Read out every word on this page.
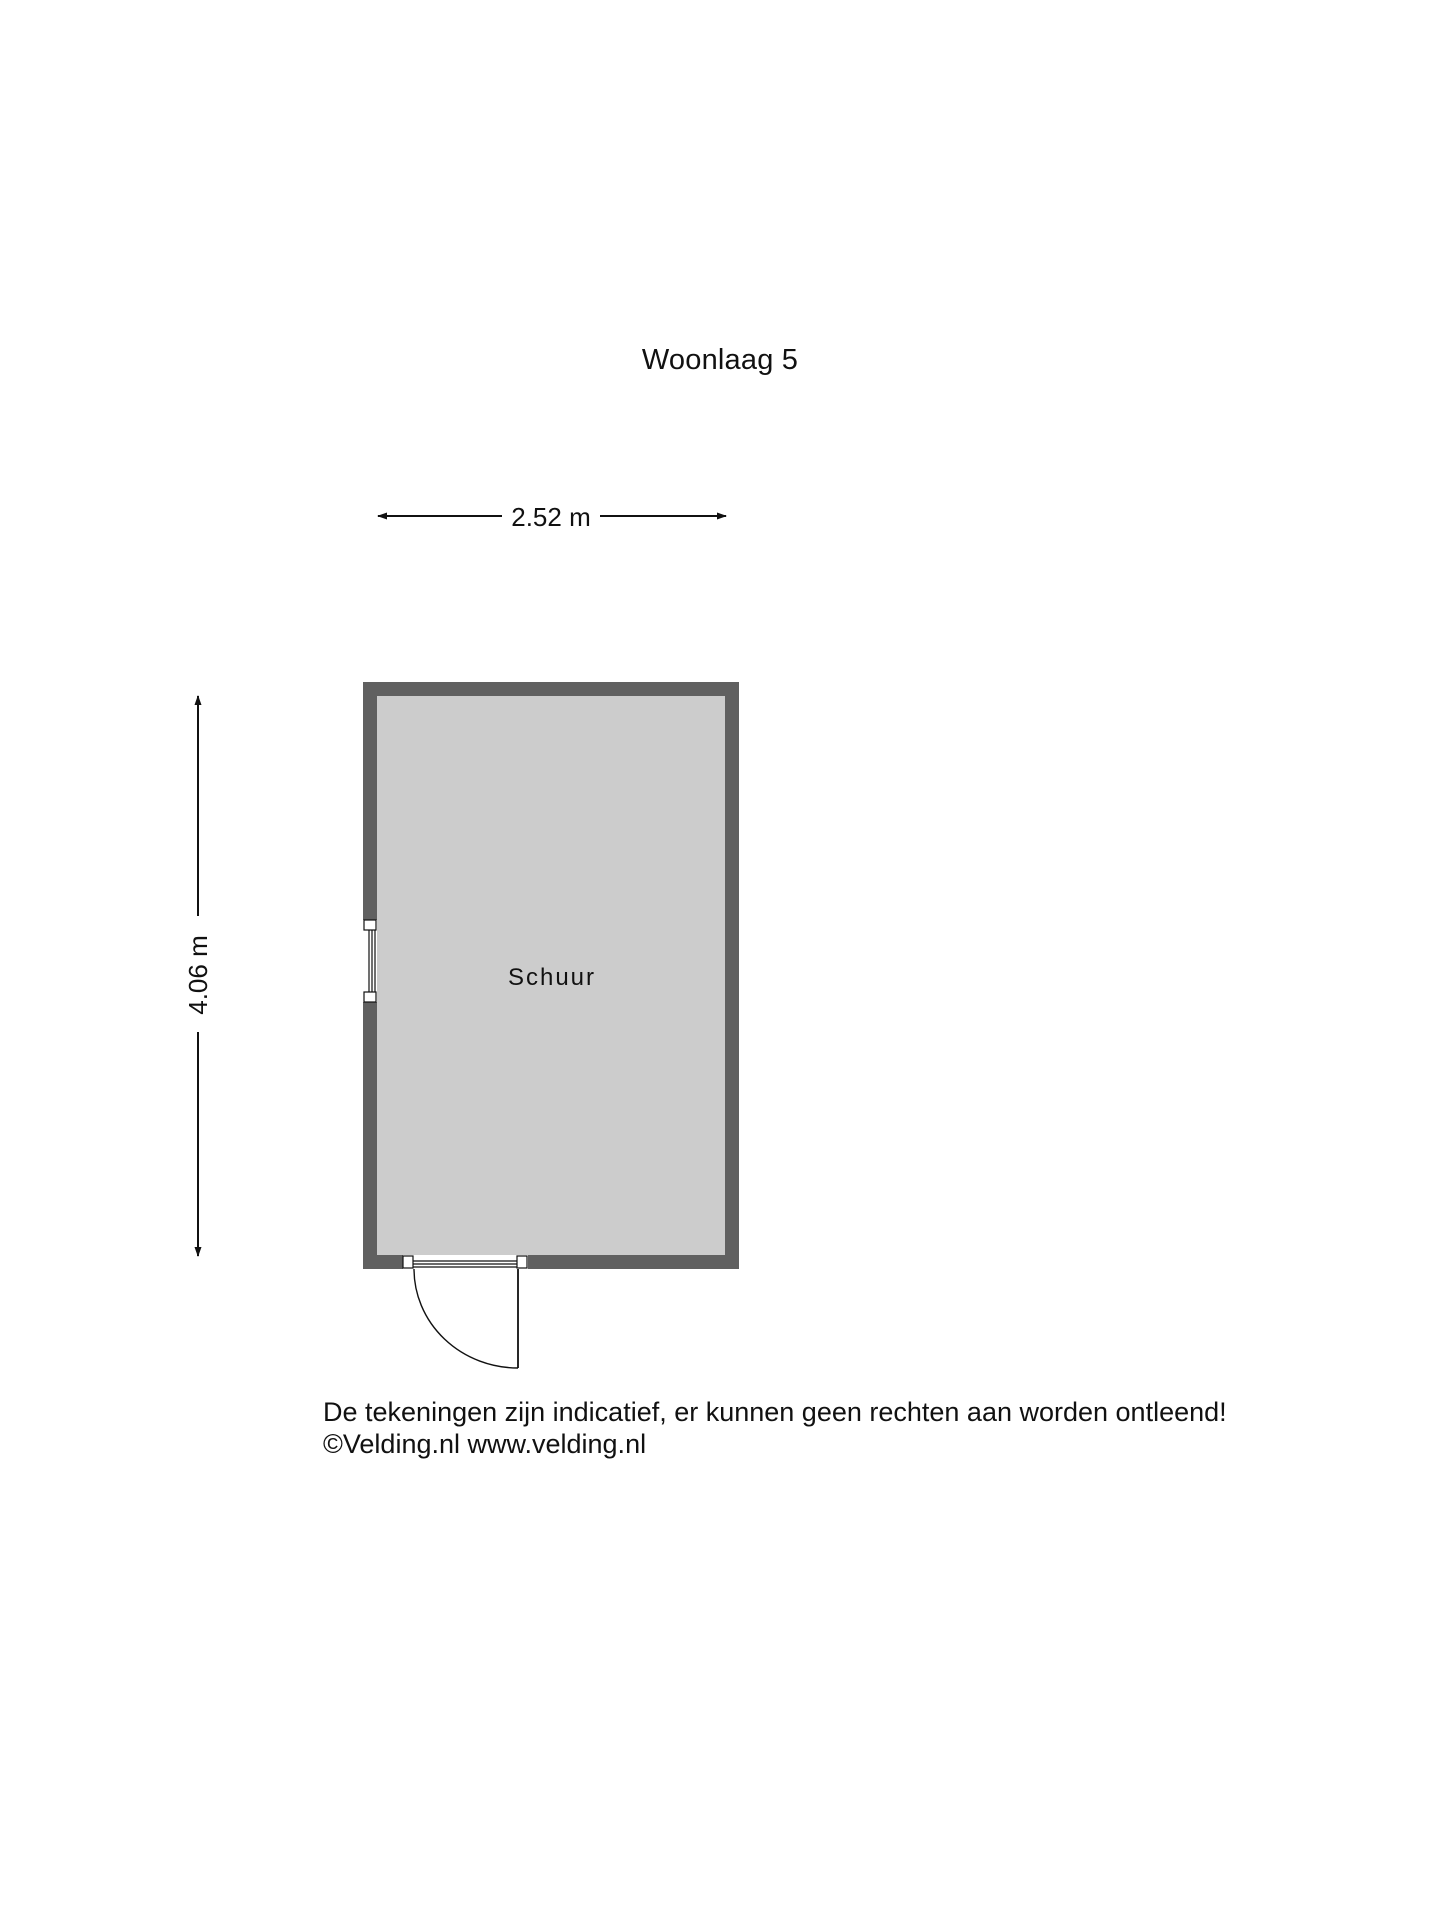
Woonlaag 5
2.52 m
4.06 m	Schuur
De tekeningen zijn indicatief, er kunnen geen rechten aan worden ontleend!
©Velding.nl www.velding.nl
